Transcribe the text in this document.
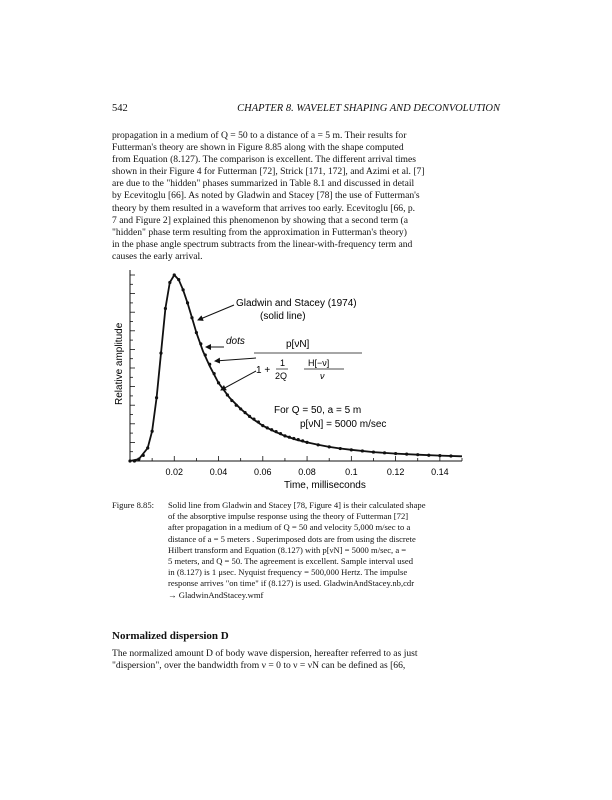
542	CHAPTER 8. WAVELET SHAPING AND DECONVOLUTION
propagation in a medium of Q = 50 to a distance of a = 5 m. Their results for
Futterman's theory are shown in Figure 8.85 along with the shape computed
from Equation (8.127). The comparison is excellent. The different arrival times
shown in their Figure 4 for Futterman [72], Strick [171, 172], and Azimi et al. [7]
are due to the "hidden" phases summarized in Table 8.1 and discussed in detail
by Ecevitoglu [66]. As noted by Gladwin and Stacey [78] the use of Futterman's
theory by them resulted in a waveform that arrives too early. Ecevitoglu [66, p.
7 and Figure 2] explained this phenomenon by showing that a second term (a
"hidden" phase term resulting from the approximation in Futterman's theory)
in the phase angle spectrum subtracts from the linear-with-frequency term and
causes the early arrival.
0.02	0.04	0.06	0.08	0.1	0.12	0.14
Relative amplitude
Time, milliseconds
Gladwin and Stacey (1974)
(solid line)
dots	p[νN]
1 +
1
2Q
H[−ν]
ν
For Q = 50, a = 5 m
p[νN] = 5000 m/sec
Figure 8.85: Solid line from Gladwin and Stacey [78, Figure 4] is their calculated shape
of the absorptive impulse response using the theory of Futterman [72]
after propagation in a medium of Q = 50 and velocity 5,000 m/sec to a
distance of a = 5 meters . Superimposed dots are from using the discrete
Hilbert transform and Equation (8.127) with p[νN] = 5000 m/sec, a =
5 meters, and Q = 50. The agreement is excellent. Sample interval used
in (8.127) is 1 μsec. Nyquist frequency = 500,000 Hertz. The impulse
response arrives "on time" if (8.127) is used. GladwinAndStacey.nb,cdr
→ GladwinAndStacey.wmf
Normalized dispersion D
The normalized amount D of body wave dispersion, hereafter referred to as just
"dispersion", over the bandwidth from ν = 0 to ν = νN can be defined as [66,
